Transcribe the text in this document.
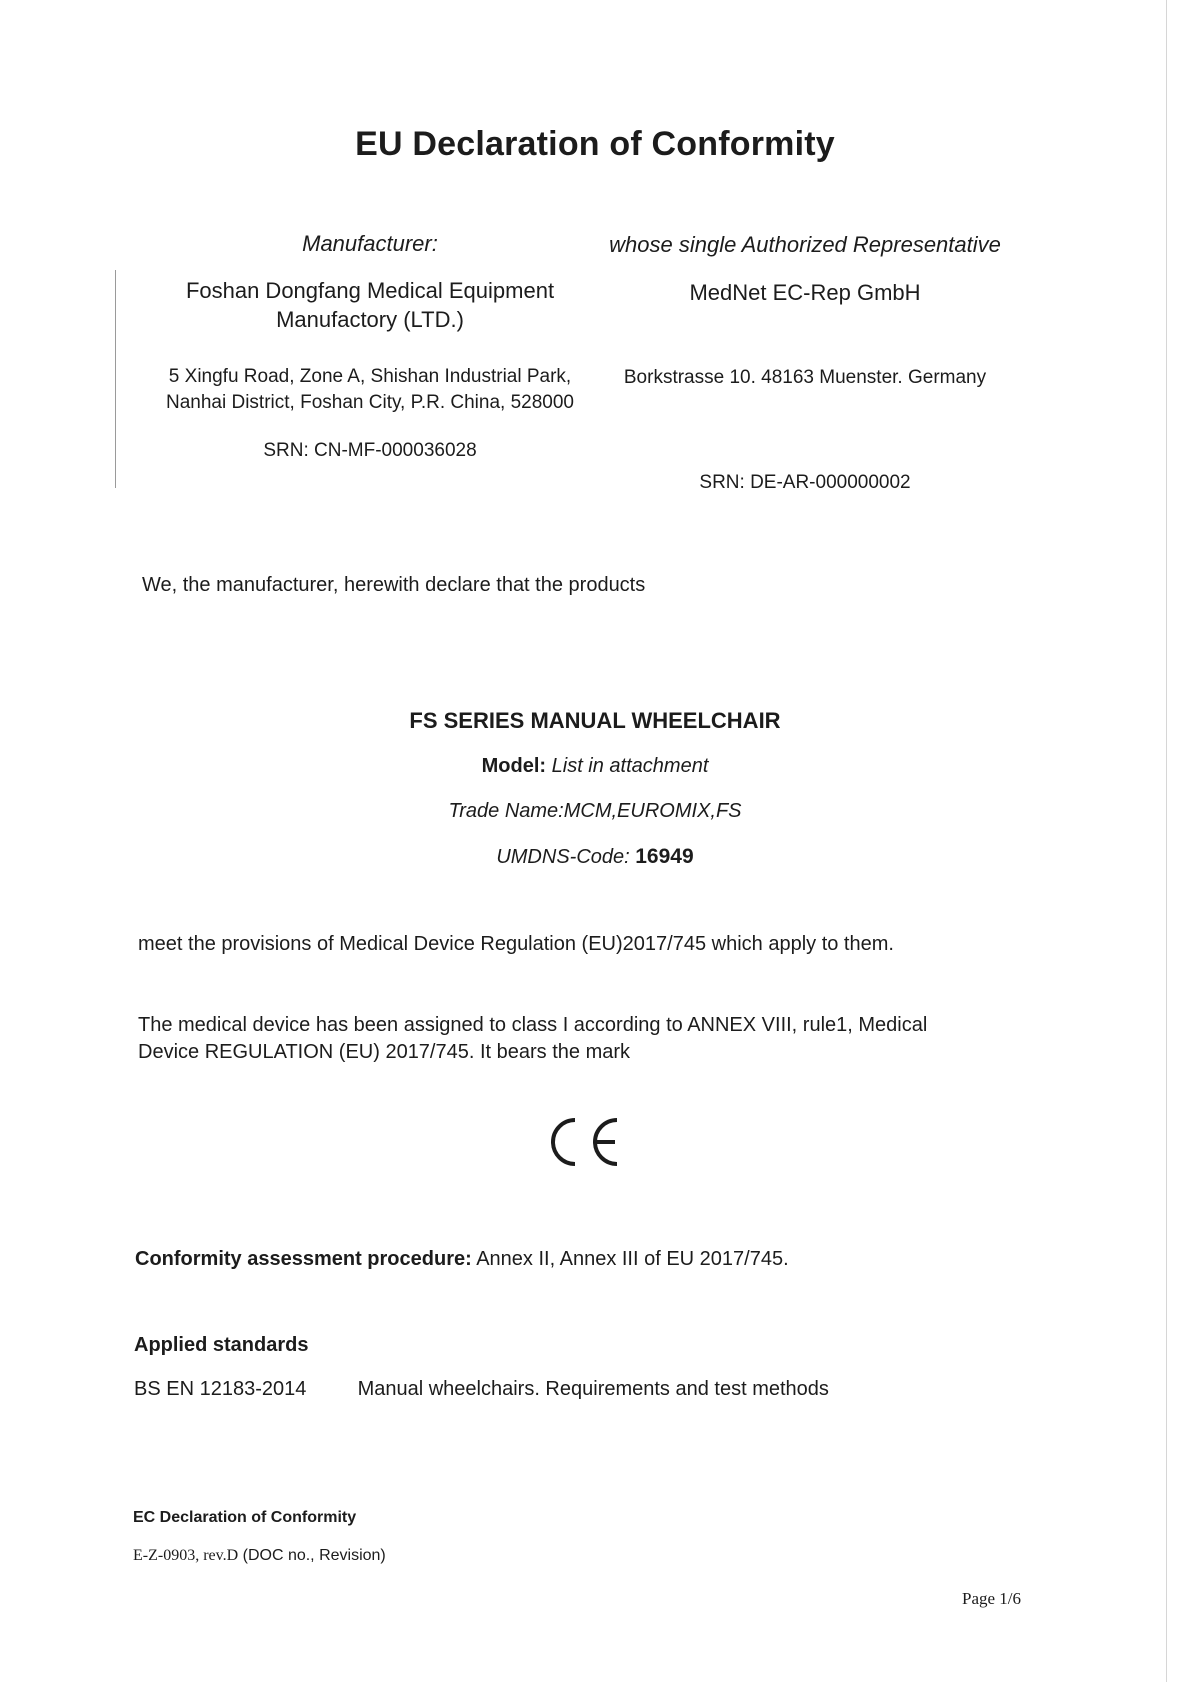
EU Declaration of Conformity
Manufacturer:
Foshan Dongfang Medical Equipment
Manufactory (LTD.)
5 Xingfu Road, Zone A, Shishan Industrial Park,
Nanhai District, Foshan City, P.R. China, 528000
SRN: CN-MF-000036028
whose single Authorized Representative
MedNet EC-Rep GmbH
Borkstrasse 10. 48163 Muenster. Germany
SRN: DE-AR-000000002
We, the manufacturer, herewith declare that the products
FS SERIES MANUAL WHEELCHAIR
Model: List in attachment
Trade Name:MCM,EUROMIX,FS
UMDNS-Code: 16949
meet the provisions of Medical Device Regulation (EU)2017/745 which apply to them.
The medical device has been assigned to class I according to ANNEX VIII, rule1, Medical
Device REGULATION (EU) 2017/745. It bears the mark
Conformity assessment procedure: Annex II, Annex III of EU 2017/745.
Applied standards
BS EN 12183-2014	Manual wheelchairs. Requirements and test methods
EC Declaration of Conformity
E-Z-0903, rev.D (DOC no., Revision)
Page 1/6
